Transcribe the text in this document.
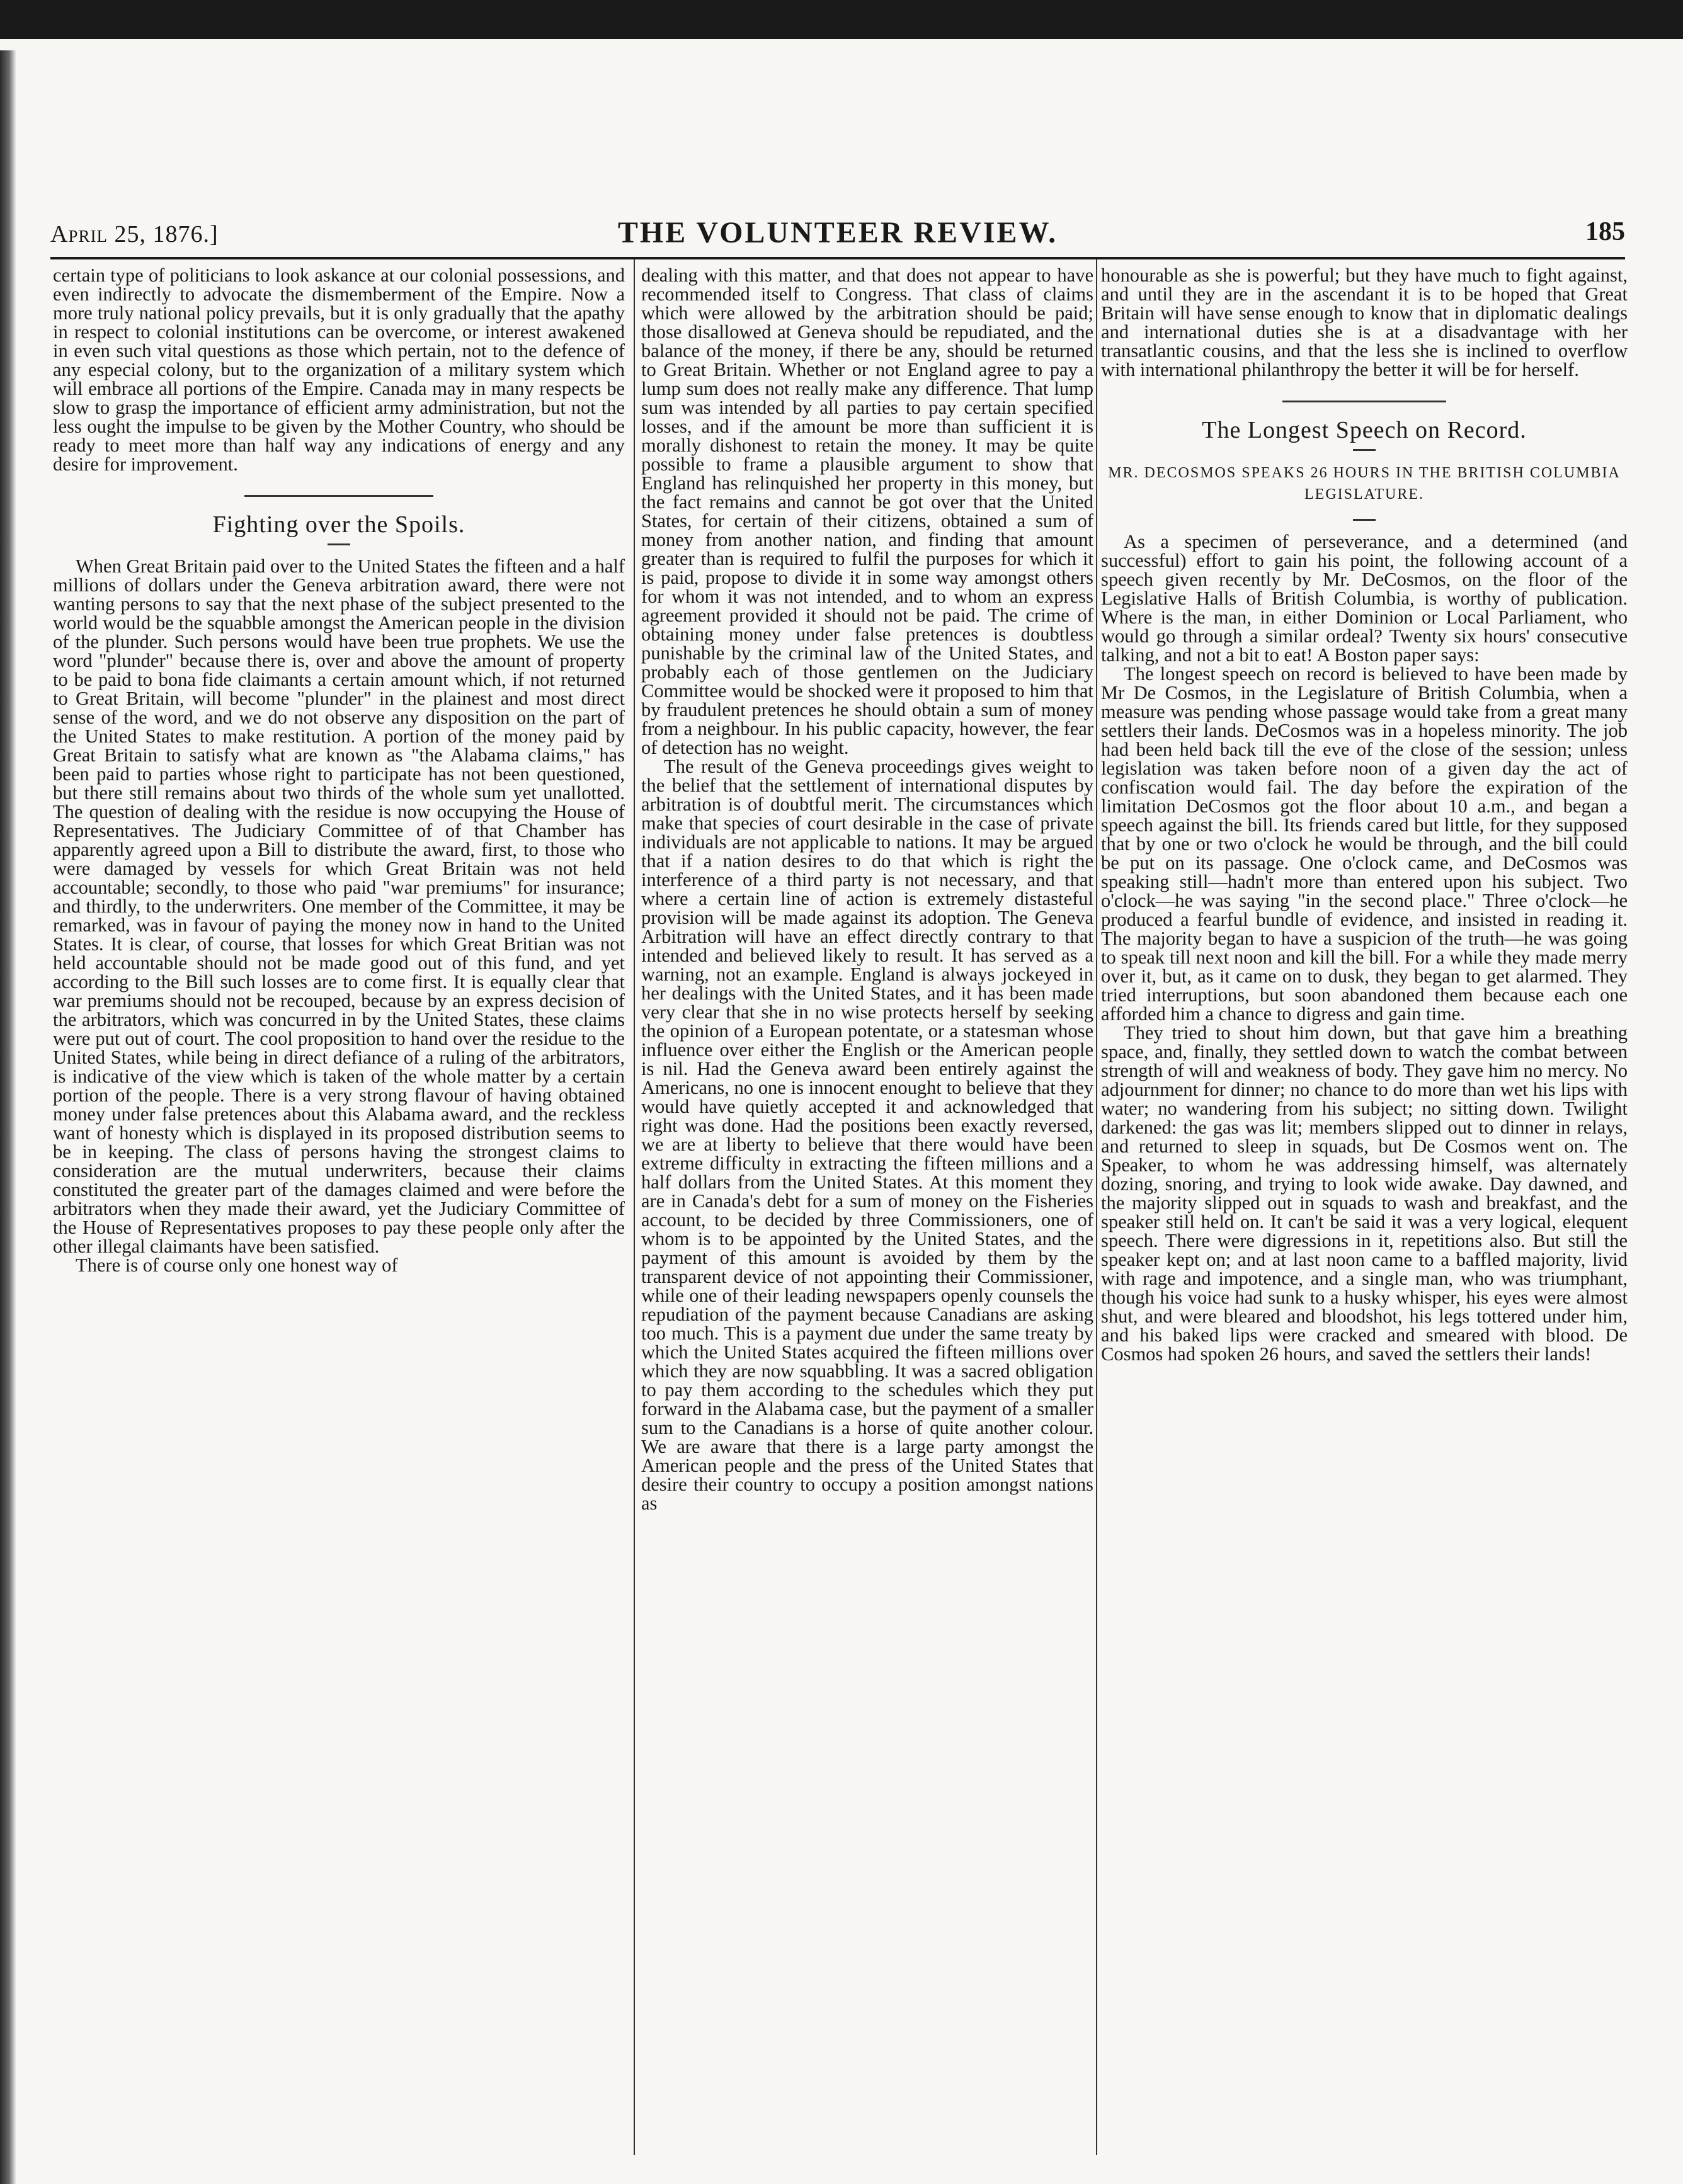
April 25, 1876.]	THE VOLUNTEER REVIEW.	185

certain type of politicians to look askance at our colonial possessions, and even indirectly to advocate the dismemberment of the Empire. Now a more truly national policy prevails, but it is only gradually that the apathy in respect to colonial institutions can be overcome, or interest awakened in even such vital questions as those which pertain, not to the defence of any especial colony, but to the organization of a military system which will embrace all portions of the Empire. Canada may in many respects be slow to grasp the importance of efficient army administration, but not the less ought the impulse to be given by the Mother Country, who should be ready to meet more than half way any indications of energy and any desire for improvement.

Fighting over the Spoils.

When Great Britain paid over to the United States the fifteen and a half millions of dollars under the Geneva arbitration award, there were not wanting persons to say that the next phase of the subject presented to the world would be the squabble amongst the American people in the division of the plunder. Such persons would have been true prophets. We use the word "plunder" because there is, over and above the amount of property to be paid to bona fide claimants a certain amount which, if not returned to Great Britain, will become "plunder" in the plainest and most direct sense of the word, and we do not observe any disposition on the part of the United States to make restitution. A portion of the money paid by Great Britain to satisfy what are known as "the Alabama claims," has been paid to parties whose right to participate has not been questioned, but there still remains about two thirds of the whole sum yet unallotted. The question of dealing with the residue is now occupying the House of Representatives. The Judiciary Committee of of that Chamber has apparently agreed upon a Bill to distribute the award, first, to those who were damaged by vessels for which Great Britain was not held accountable; secondly, to those who paid "war premiums" for insurance; and thirdly, to the underwriters. One member of the Committee, it may be remarked, was in favour of paying the money now in hand to the United States. It is clear, of course, that losses for which Great Britian was not held accountable should not be made good out of this fund, and yet according to the Bill such losses are to come first. It is equally clear that war premiums should not be recouped, because by an express decision of the arbitrators, which was concurred in by the United States, these claims were put out of court. The cool proposition to hand over the residue to the United States, while being in direct defiance of a ruling of the arbitrators, is indicative of the view which is taken of the whole matter by a certain portion of the people. There is a very strong flavour of having obtained money under false pretences about this Alabama award, and the reckless want of honesty which is displayed in its proposed distribution seems to be in keeping. The class of persons having the strongest claims to consideration are the mutual underwriters, because their claims constituted the greater part of the damages claimed and were before the arbitrators when they made their award, yet the Judiciary Committee of the House of Representatives proposes to pay these people only after the other illegal claimants have been satisfied.

There is of course only one honest way of

dealing with this matter, and that does not appear to have recommended itself to Congress. That class of claims which were allowed by the arbitration should be paid; those disallowed at Geneva should be repudiated, and the balance of the money, if there be any, should be returned to Great Britain. Whether or not England agree to pay a lump sum does not really make any difference. That lump sum was intended by all parties to pay certain specified losses, and if the amount be more than sufficient it is morally dishonest to retain the money. It may be quite possible to frame a plausible argument to show that England has relinquished her property in this money, but the fact remains and cannot be got over that the United States, for certain of their citizens, obtained a sum of money from another nation, and finding that amount greater than is required to fulfil the purposes for which it is paid, propose to divide it in some way amongst others for whom it was not intended, and to whom an express agreement provided it should not be paid. The crime of obtaining money under false pretences is doubtless punishable by the criminal law of the United States, and probably each of those gentlemen on the Judiciary Committee would be shocked were it proposed to him that by fraudulent pretences he should obtain a sum of money from a neighbour. In his public capacity, however, the fear of detection has no weight.

The result of the Geneva proceedings gives weight to the belief that the settlement of international disputes by arbitration is of doubtful merit. The circumstances which make that species of court desirable in the case of private individuals are not applicable to nations. It may be argued that if a nation desires to do that which is right the interference of a third party is not necessary, and that where a certain line of action is extremely distasteful provision will be made against its adoption. The Geneva Arbitration will have an effect directly contrary to that intended and believed likely to result. It has served as a warning, not an example. England is always jockeyed in her dealings with the United States, and it has been made very clear that she in no wise protects herself by seeking the opinion of a European potentate, or a statesman whose influence over either the English or the American people is nil. Had the Geneva award been entirely against the Americans, no one is innocent enought to believe that they would have quietly accepted it and acknowledged that right was done. Had the positions been exactly reversed, we are at liberty to believe that there would have been extreme difficulty in extracting the fifteen millions and a half dollars from the United States. At this moment they are in Canada's debt for a sum of money on the Fisheries account, to be decided by three Commissioners, one of whom is to be appointed by the United States, and the payment of this amount is avoided by them by the transparent device of not appointing their Commissioner, while one of their leading newspapers openly counsels the repudiation of the payment because Canadians are asking too much. This is a payment due under the same treaty by which the United States acquired the fifteen millions over which they are now squabbling. It was a sacred obligation to pay them according to the schedules which they put forward in the Alabama case, but the payment of a smaller sum to the Canadians is a horse of quite another colour. We are aware that there is a large party amongst the American people and the press of the United States that desire their country to occupy a position amongst nations as

honourable as she is powerful; but they have much to fight against, and until they are in the ascendant it is to be hoped that Great Britain will have sense enough to know that in diplomatic dealings and international duties she is at a disadvantage with her transatlantic cousins, and that the less she is inclined to overflow with international philanthropy the better it will be for herself.

The Longest Speech on Record.
MR. DECOSMOS SPEAKS 26 HOURS IN THE BRITISH COLUMBIA LEGISLATURE.

As a specimen of perseverance, and a determined (and successful) effort to gain his point, the following account of a speech given recently by Mr. DeCosmos, on the floor of the Legislative Halls of British Columbia, is worthy of publication. Where is the man, in either Dominion or Local Parliament, who would go through a similar ordeal? Twenty six hours' consecutive talking, and not a bit to eat! A Boston paper says:

The longest speech on record is believed to have been made by Mr De Cosmos, in the Legislature of British Columbia, when a measure was pending whose passage would take from a great many settlers their lands. DeCosmos was in a hopeless minority. The job had been held back till the eve of the close of the session; unless legislation was taken before noon of a given day the act of confiscation would fail. The day before the expiration of the limitation DeCosmos got the floor about 10 a.m., and began a speech against the bill. Its friends cared but little, for they supposed that by one or two o'clock he would be through, and the bill could be put on its passage. One o'clock came, and DeCosmos was speaking still—hadn't more than entered upon his subject. Two o'clock—he was saying "in the second place." Three o'clock—he produced a fearful bundle of evidence, and insisted in reading it. The majority began to have a suspicion of the truth—he was going to speak till next noon and kill the bill. For a while they made merry over it, but, as it came on to dusk, they began to get alarmed. They tried interruptions, but soon abandoned them because each one afforded him a chance to digress and gain time.

They tried to shout him down, but that gave him a breathing space, and, finally, they settled down to watch the combat between strength of will and weakness of body. They gave him no mercy. No adjournment for dinner; no chance to do more than wet his lips with water; no wandering from his subject; no sitting down. Twilight darkened: the gas was lit; members slipped out to dinner in relays, and returned to sleep in squads, but De Cosmos went on. The Speaker, to whom he was addressing himself, was alternately dozing, snoring, and trying to look wide awake. Day dawned, and the majority slipped out in squads to wash and breakfast, and the speaker still held on. It can't be said it was a very logical, elequent speech. There were digressions in it, repetitions also. But still the speaker kept on; and at last noon came to a baffled majority, livid with rage and impotence, and a single man, who was triumphant, though his voice had sunk to a husky whisper, his eyes were almost shut, and were bleared and bloodshot, his legs tottered under him, and his baked lips were cracked and smeared with blood. De Cosmos had spoken 26 hours, and saved the settlers their lands!
